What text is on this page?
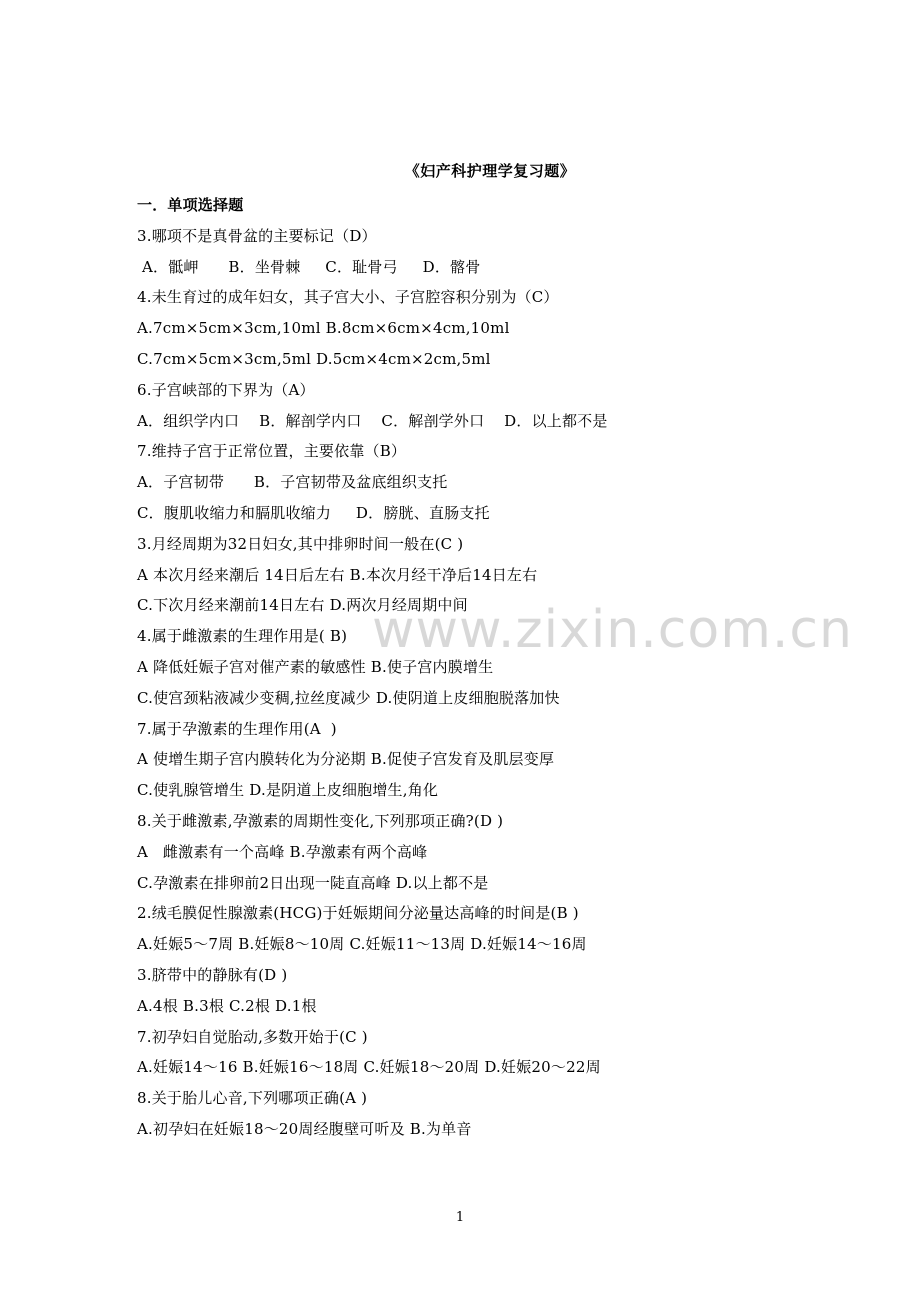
《妇产科护理学复习题》
一．单项选择题
3.哪项不是真骨盆的主要标记（D）
A．骶岬      B．坐骨棘     C．耻骨弓     D．髂骨
4.未生育过的成年妇女，其子宫大小、子宫腔容积分别为（C）
A.7cm×5cm×3cm,10ml B.8cm×6cm×4cm,10ml
C.7cm×5cm×3cm,5ml D.5cm×4cm×2cm,5ml
6.子宫峡部的下界为（A）
A．组织学内口    B．解剖学内口    C．解剖学外口    D．以上都不是
7.维持子宫于正常位置，主要依靠（B）
A．子宫韧带      B．子宫韧带及盆底组织支托
C．腹肌收缩力和膈肌收缩力     D．膀胱、直肠支托
3.月经周期为32日妇女,其中排卵时间一般在(C )
A 本次月经来潮后 14日后左右 B.本次月经干净后14日左右
C.下次月经来潮前14日左右 D.两次月经周期中间
4.属于雌激素的生理作用是( B)
A 降低妊娠子宫对催产素的敏感性 B.使子宫内膜增生
C.使宫颈粘液减少变稠,拉丝度减少 D.使阴道上皮细胞脱落加快
7.属于孕激素的生理作用(A  )
A 使增生期子宫内膜转化为分泌期 B.促使子宫发育及肌层变厚
C.使乳腺管增生 D.是阴道上皮细胞增生,角化
8.关于雌激素,孕激素的周期性变化,下列那项正确?(D )
A   雌激素有一个高峰 B.孕激素有两个高峰
C.孕激素在排卵前2日出现一陡直高峰 D.以上都不是
2.绒毛膜促性腺激素(HCG)于妊娠期间分泌量达高峰的时间是(B )
A.妊娠5～7周 B.妊娠8～10周 C.妊娠11～13周 D.妊娠14～16周
3.脐带中的静脉有(D )
A.4根 B.3根 C.2根 D.1根
7.初孕妇自觉胎动,多数开始于(C )
A.妊娠14～16 B.妊娠16～18周 C.妊娠18～20周 D.妊娠20～22周
8.关于胎儿心音,下列哪项正确(A )
A.初孕妇在妊娠18～20周经腹壁可听及 B.为单音
www.zixin.com.cn
1
